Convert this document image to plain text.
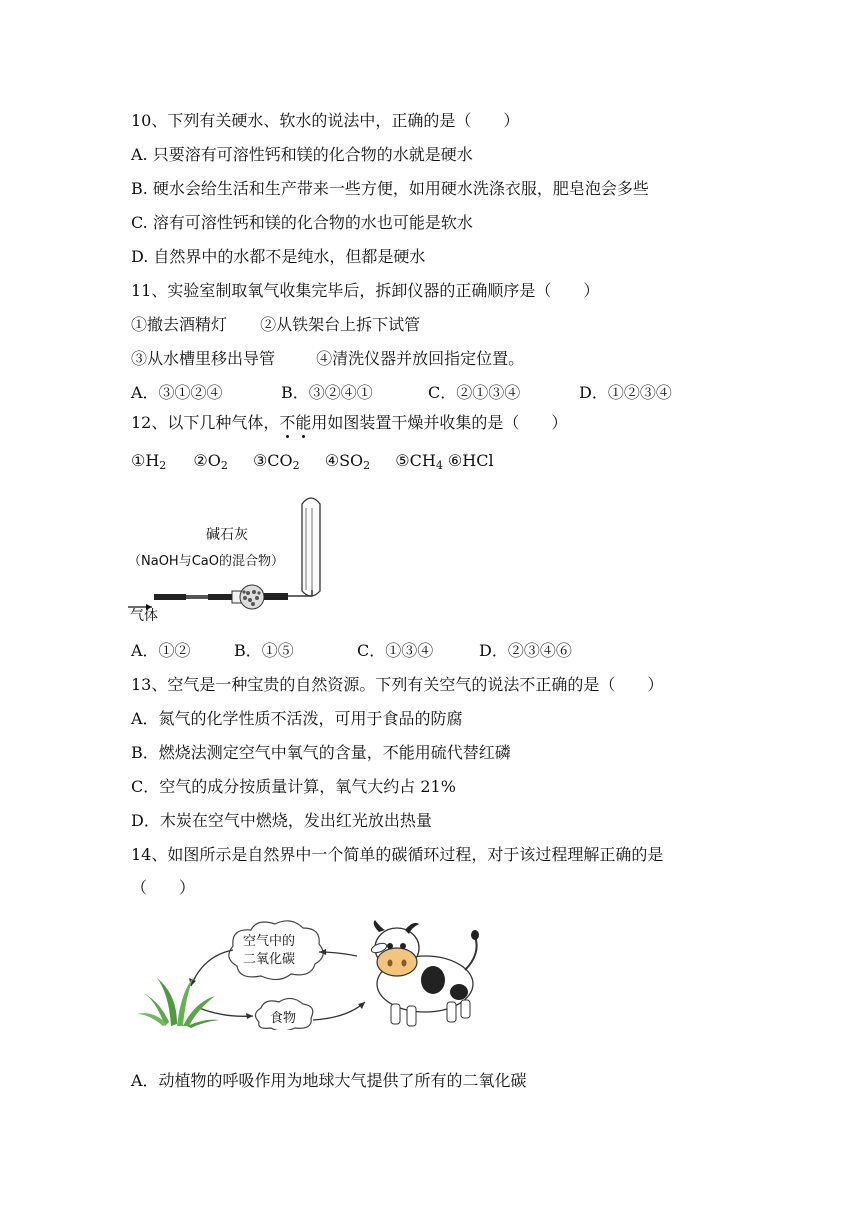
10、下列有关硬水、软水的说法中，正确的是（　　）
A. 只要溶有可溶性钙和镁的化合物的水就是硬水
B. 硬水会给生活和生产带来一些方便，如用硬水洗涤衣服，肥皂泡会多些
C. 溶有可溶性钙和镁的化合物的水也可能是软水
D. 自然界中的水都不是纯水，但都是硬水
11、实验室制取氧气收集完毕后，拆卸仪器的正确顺序是（　　）
①撤去酒精灯 ②从铁架台上拆下试管
③从水槽里移出导管	④清洗仪器并放回指定位置。
A．③①②④	B．③②④①	C．②①③④	D．①②③④
12、以下几种气体，不能用如图装置干燥并收集的是（　　）
$①H_2$ $②O_2$ $③CO_2$ $④SO_2$ $⑤CH_4$ ⑥HCl
碱石灰
（NaOH与CaO的混合物）
气体
A．①②	B．①⑤	C．①③④	D．②③④⑥
13、空气是一种宝贵的自然资源。下列有关空气的说法不正确的是（　　）
A．氮气的化学性质不活泼，可用于食品的防腐
B．燃烧法测定空气中氧气的含量，不能用硫代替红磷
C．空气的成分按质量计算，氧气大约占 21%
D．木炭在空气中燃烧，发出红光放出热量
14、如图所示是自然界中一个简单的碳循环过程，对于该过程理解正确的是
（　　）
空气中的
二氧化碳
食物
A．动植物的呼吸作用为地球大气提供了所有的二氧化碳
